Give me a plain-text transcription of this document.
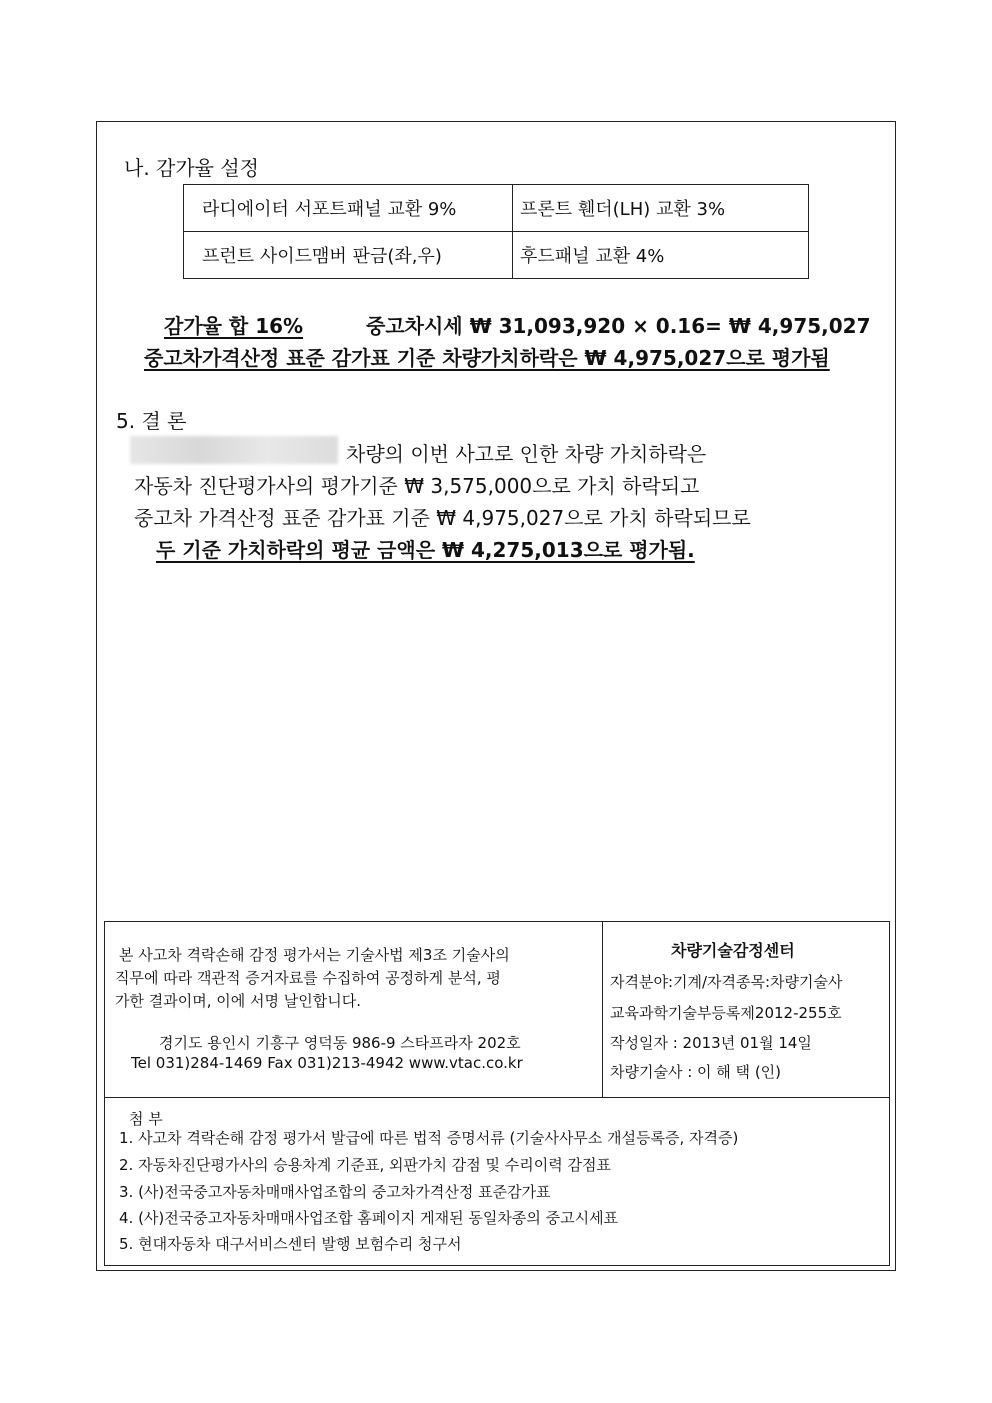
나. 감가율 설정
라디에이터 서포트패널 교환 9%	프론트 휀더(LH) 교환 3%
프런트 사이드맴버 판금(좌,우)	후드패널 교환 4%
감가율 합 16%	중고차시세 ₩ 31,093,920 × 0.16= ₩ 4,975,027
중고차가격산정 표준 감가표 기준 차량가치하락은 ₩ 4,975,027으로 평가됨
5. 결 론
차량의 이번 사고로 인한 차량 가치하락은
자동차 진단평가사의 평가기준 ₩ 3,575,000으로 가치 하락되고
중고차 가격산정 표준 감가표 기준 ₩ 4,975,027으로 가치 하락되므로
두 기준 가치하락의 평균 금액은 ₩ 4,275,013으로 평가됨.
본 사고차 격락손해 감정 평가서는 기술사법 제3조 기술사의
직무에 따라 객관적 증거자료를 수집하여 공정하게 분석, 평
가한 결과이며, 이에 서명 날인합니다.
경기도 용인시 기흥구 영덕동 986-9 스타프라자 202호
Tel 031)284-1469 Fax 031)213-4942 www.vtac.co.kr
차량기술감정센터
자격분야:기계/자격종목:차량기술사
교육과학기술부등록제2012-255호
작성일자 : 2013년 01월 14일
차량기술사 : 이 해 택 (인)
첨 부
1. 사고차 격락손해 감정 평가서 발급에 따른 법적 증명서류 (기술사사무소 개설등록증, 자격증)
2. 자동차진단평가사의 승용차계 기준표, 외판가치 감점 및 수리이력 감점표
3. (사)전국중고자동차매매사업조합의 중고차가격산정 표준감가표
4. (사)전국중고자동차매매사업조합 홈페이지 게재된 동일차종의 중고시세표
5. 현대자동차 대구서비스센터 발행 보험수리 청구서
